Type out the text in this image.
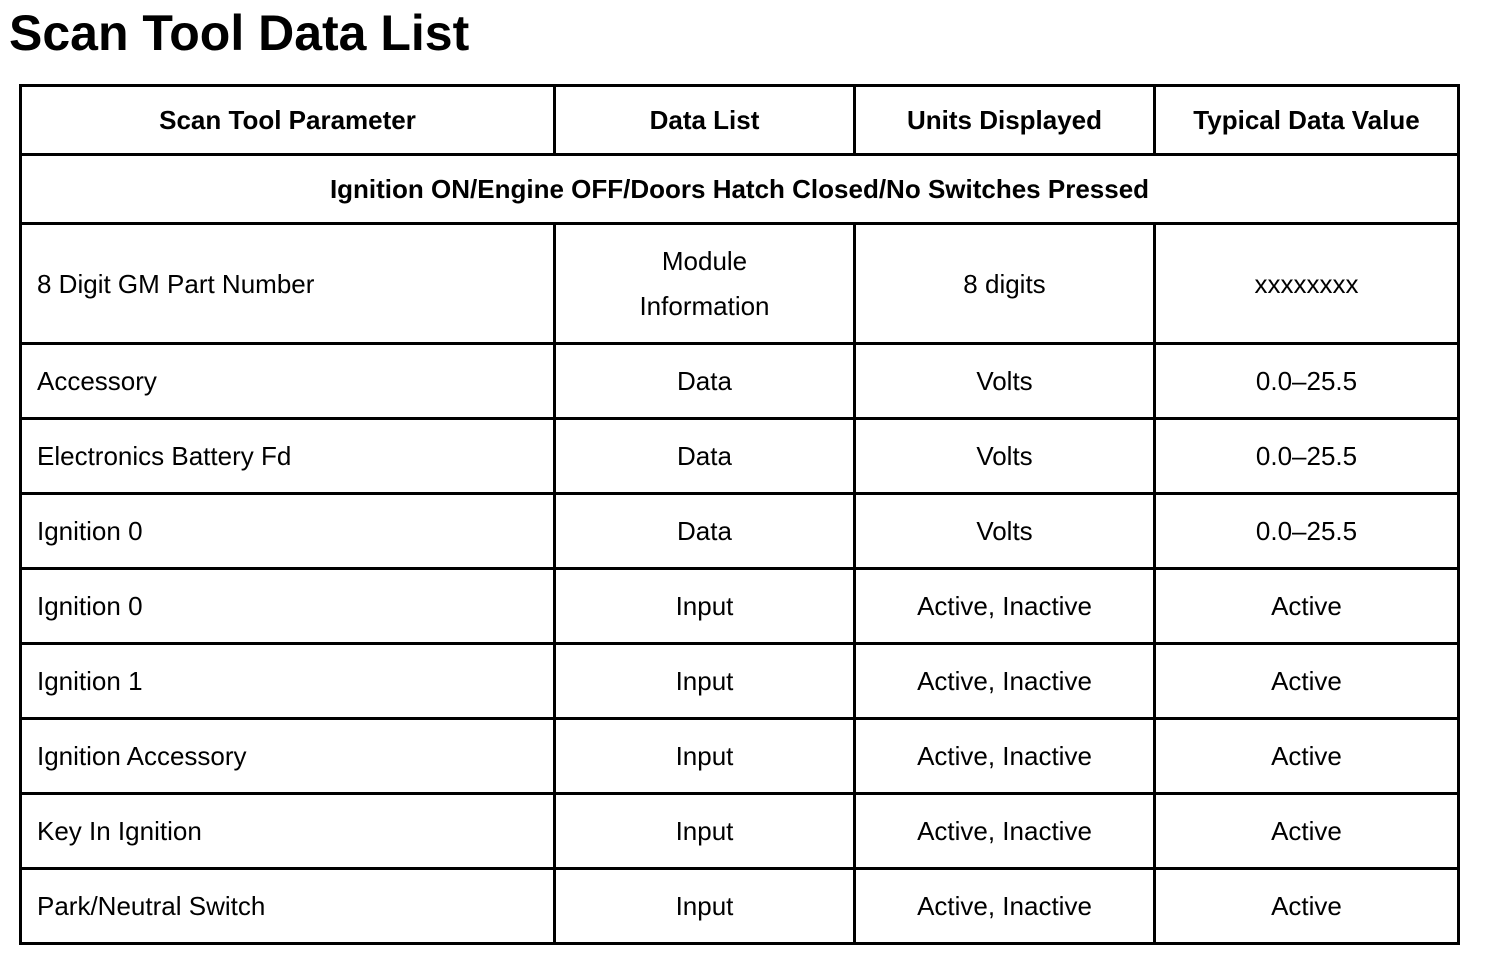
Scan Tool Data List
Scan Tool Parameter	Data List	Units Displayed	Typical Data Value
Ignition ON/Engine OFF/Doors Hatch Closed/No Switches Pressed			
8 Digit GM Part Number	Module Information	8 digits	xxxxxxxx
Accessory	Data	Volts	0.0–25.5
Electronics Battery Fd	Data	Volts	0.0–25.5
Ignition 0	Data	Volts	0.0–25.5
Ignition 0	Input	Active, Inactive	Active
Ignition 1	Input	Active, Inactive	Active
Ignition Accessory	Input	Active, Inactive	Active
Key In Ignition	Input	Active, Inactive	Active
Park/Neutral Switch	Input	Active, Inactive	Active
